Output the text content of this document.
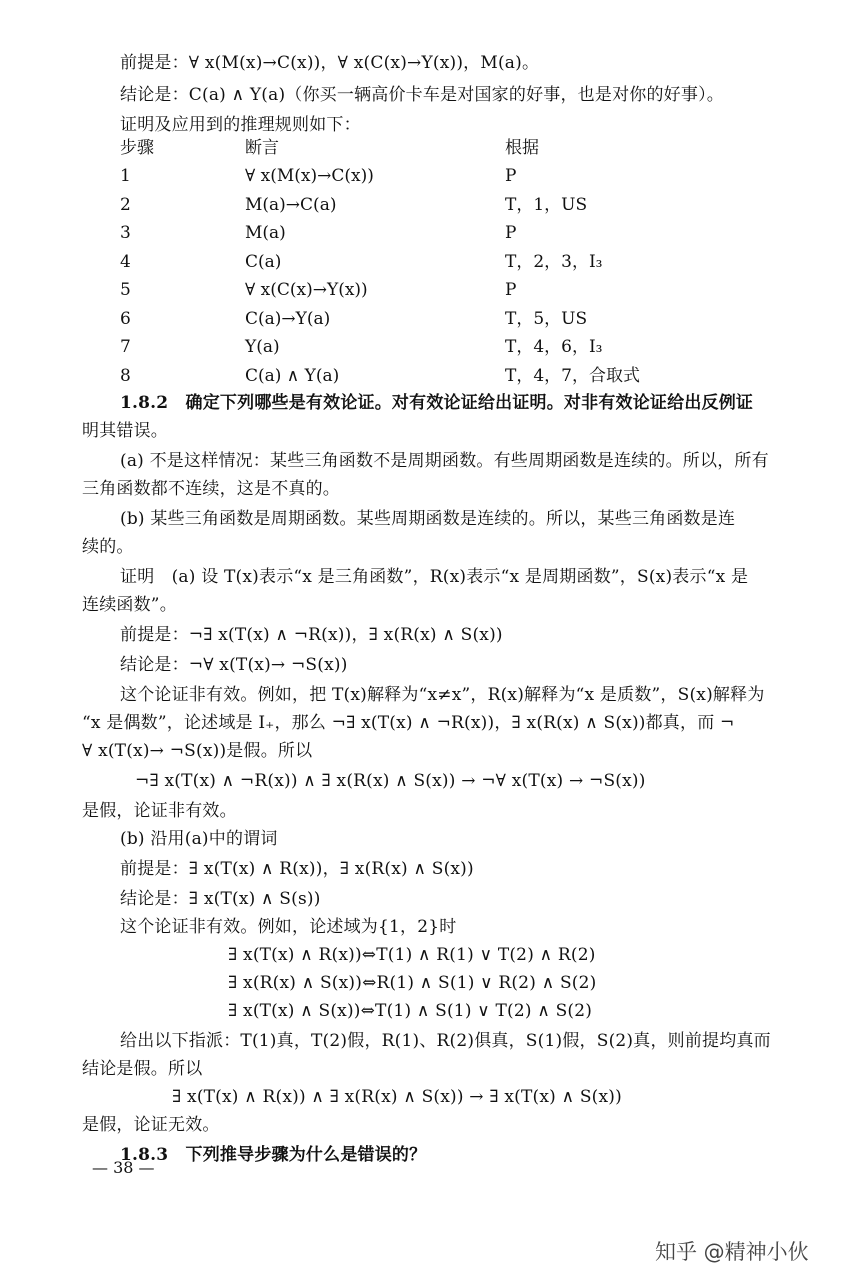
前提是：∀ x(M(x)→C(x))，∀ x(C(x)→Y(x))，M(a)。
结论是：C(a) ∧ Y(a)（你买一辆高价卡车是对国家的好事，也是对你的好事）。
证明及应用到的推理规则如下：
步骤	断言	根据
1	∀ x(M(x)→C(x))	P
2	M(a)→C(a)	T，1，US
3	M(a)	P
4	C(a)	T，2，3，I₃
5	∀ x(C(x)→Y(x))	P
6	C(a)→Y(a)	T，5，US
7	Y(a)	T，4，6，I₃
8	C(a) ∧ Y(a)	T，4，7，合取式
1.8.2　确定下列哪些是有效论证。对有效论证给出证明。对非有效论证给出反例证
明其错误。
(a) 不是这样情况：某些三角函数不是周期函数。有些周期函数是连续的。所以，所有
三角函数都不连续，这是不真的。
(b) 某些三角函数是周期函数。某些周期函数是连续的。所以，某些三角函数是连
续的。
证明　(a) 设 T(x)表示“x 是三角函数”，R(x)表示“x 是周期函数”，S(x)表示“x 是
连续函数”。
前提是：¬∃ x(T(x) ∧ ¬R(x))，∃ x(R(x) ∧ S(x))
结论是：¬∀ x(T(x)→ ¬S(x))
这个论证非有效。例如，把 T(x)解释为“x≠x”，R(x)解释为“x 是质数”，S(x)解释为
“x 是偶数”，论述域是 I₊，那么 ¬∃ x(T(x) ∧ ¬R(x))，∃ x(R(x) ∧ S(x))都真，而 ¬
∀ x(T(x)→ ¬S(x))是假。所以
¬∃ x(T(x) ∧ ¬R(x)) ∧ ∃ x(R(x) ∧ S(x)) → ¬∀ x(T(x) → ¬S(x))
是假，论证非有效。
(b) 沿用(a)中的谓词
前提是：∃ x(T(x) ∧ R(x))，∃ x(R(x) ∧ S(x))
结论是：∃ x(T(x) ∧ S(s))
这个论证非有效。例如，论述域为{1，2}时
∃ x(T(x) ∧ R(x))⇔T(1) ∧ R(1) ∨ T(2) ∧ R(2)
∃ x(R(x) ∧ S(x))⇔R(1) ∧ S(1) ∨ R(2) ∧ S(2)
∃ x(T(x) ∧ S(x))⇔T(1) ∧ S(1) ∨ T(2) ∧ S(2)
给出以下指派：T(1)真，T(2)假，R(1)、R(2)俱真，S(1)假，S(2)真，则前提均真而
结论是假。所以
∃ x(T(x) ∧ R(x)) ∧ ∃ x(R(x) ∧ S(x)) → ∃ x(T(x) ∧ S(x))
是假，论证无效。
1.8.3　下列推导步骤为什么是错误的？
— 38 —
知乎 @精神小伙
